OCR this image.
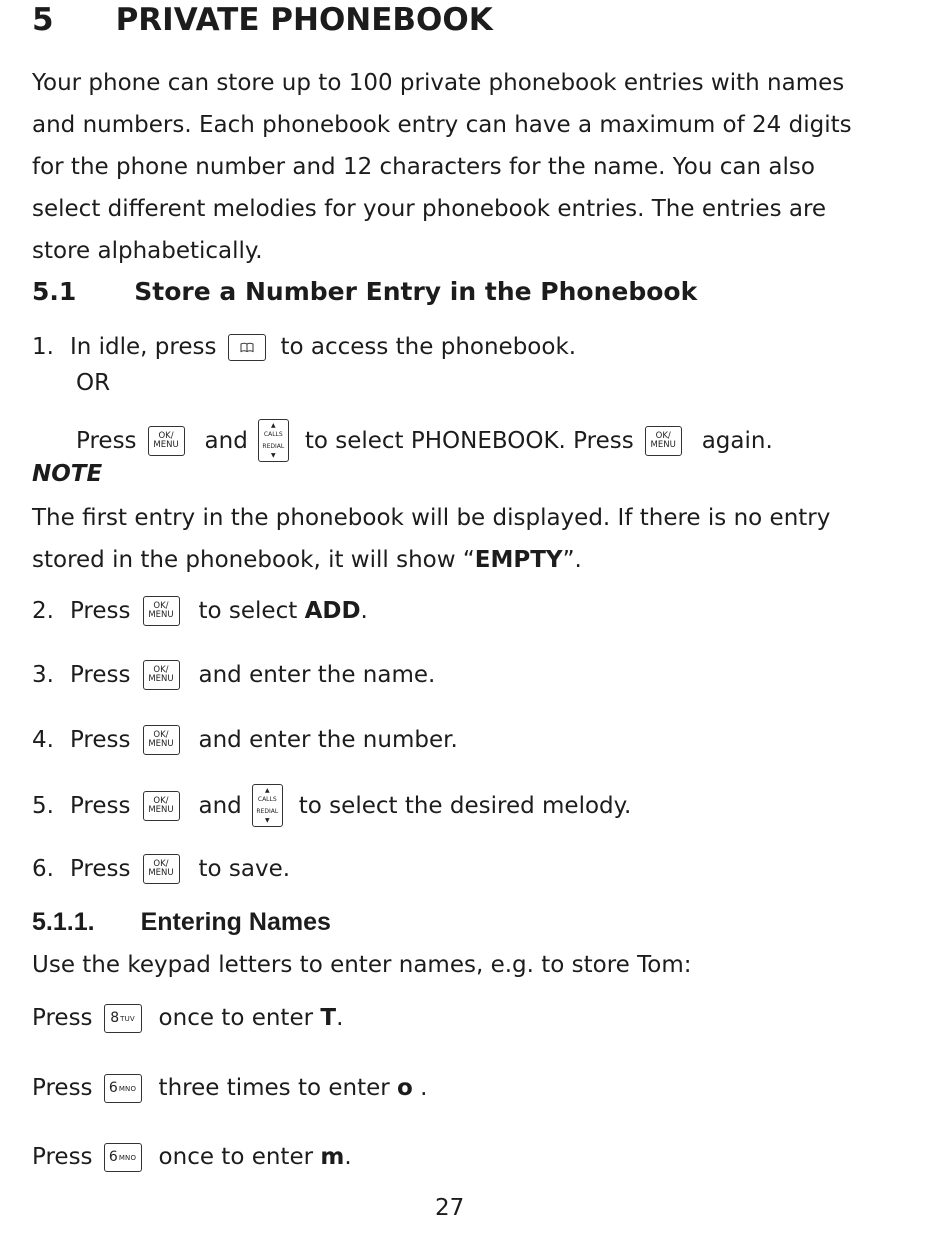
5 PRIVATE PHONEBOOK
Your phone can store up to 100 private phonebook entries with names and numbers. Each phonebook entry can have a maximum of 24 digits for the phone number and 12 characters for the name. You can also select different melodies for your phonebook entries. The entries are store alphabetically.
5.1 Store a Number Entry in the Phonebook
1. In idle, press	to access the phonebook.
OR
Press	OK/
MENU and
▲
CALLS
REDIAL
▼
to select PHONEBOOK. Press	OK/
MENU again.
NOTE
The first entry in the phonebook will be displayed. If there is no entry stored in the phonebook, it will show “EMPTY”.
2. Press	OK/
MENU to select ADD.
3. Press	OK/
MENU and enter the name.
4. Press	OK/
MENU and enter the number.
5. Press	OK/
MENU and
▲
CALLS
REDIAL
▼
to select the desired melody.
6. Press	OK/
MENU to save.
5.1.1. Entering Names
Use the keypad letters to enter names, e.g. to store Tom:
Press 8 TUV once to enter T.
Press 6 MNO three times to enter o .
Press 6 MNO once to enter m.
27
